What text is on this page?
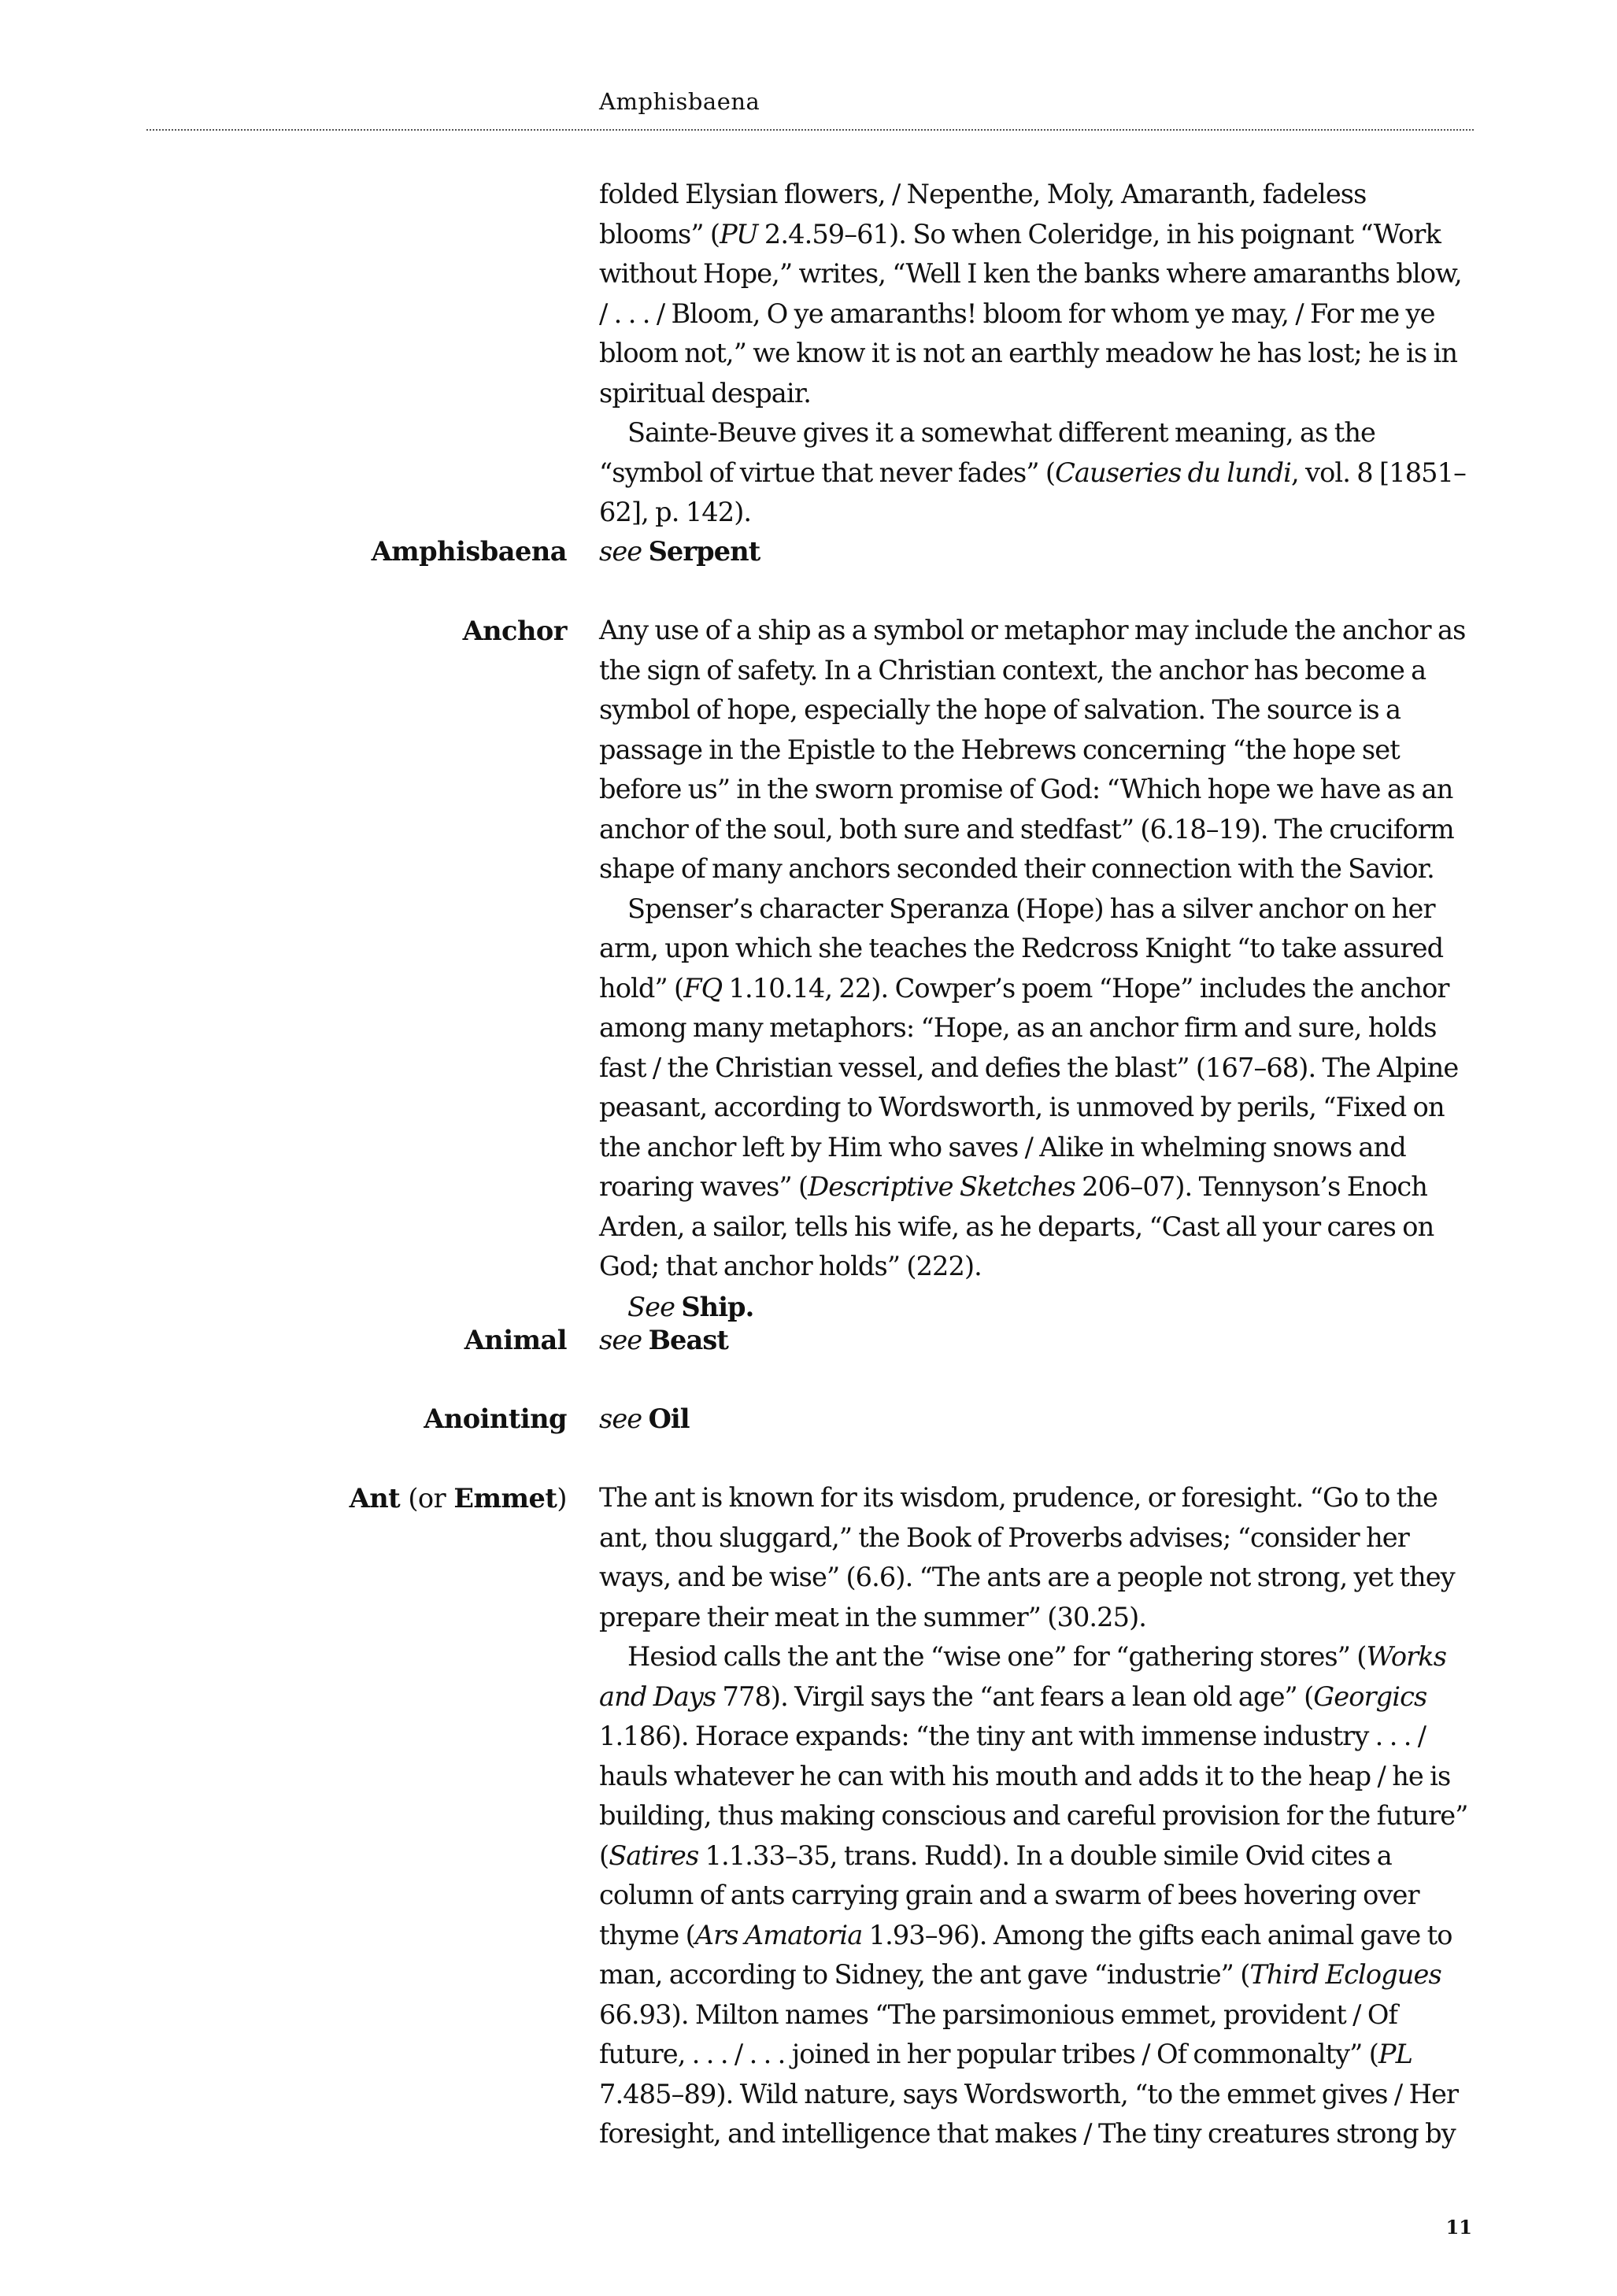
Amphisbaena

folded Elysian flowers, / Nepenthe, Moly, Amaranth, fadeless blooms” (PU 2.4.59–61). So when Coleridge, in his poignant “Work without Hope,” writes, “Well I ken the banks where amaranths blow, / . . . / Bloom, O ye amaranths! bloom for whom ye may, / For me ye bloom not,” we know it is not an earthly meadow he has lost; he is in spiritual despair.

Sainte-Beuve gives it a somewhat different meaning, as the “symbol of virtue that never fades” (Causeries du lundi, vol. 8 [1851–62], p. 142).

Amphisbaena see Serpent

Anchor Any use of a ship as a symbol or metaphor may include the anchor as the sign of safety. In a Christian context, the anchor has become a symbol of hope, especially the hope of salvation. The source is a passage in the Epistle to the Hebrews concerning “the hope set before us” in the sworn promise of God: “Which hope we have as an anchor of the soul, both sure and stedfast” (6.18–19). The cruciform shape of many anchors seconded their connection with the Savior.

Spenser’s character Speranza (Hope) has a silver anchor on her arm, upon which she teaches the Redcross Knight “to take assured hold” (FQ 1.10.14, 22). Cowper’s poem “Hope” includes the anchor among many metaphors: “Hope, as an anchor firm and sure, holds fast / the Christian vessel, and defies the blast” (167–68). The Alpine peasant, according to Wordsworth, is unmoved by perils, “Fixed on the anchor left by Him who saves / Alike in whelming snows and roaring waves” (Descriptive Sketches 206–07). Tennyson’s Enoch Arden, a sailor, tells his wife, as he departs, “Cast all your cares on God; that anchor holds” (222).

See Ship.

Animal see Beast

Anointing see Oil

Ant (or Emmet) The ant is known for its wisdom, prudence, or foresight. “Go to the ant, thou sluggard,” the Book of Proverbs advises; “consider her ways, and be wise” (6.6). “The ants are a people not strong, yet they prepare their meat in the summer” (30.25).

Hesiod calls the ant the “wise one” for “gathering stores” (Works and Days 778). Virgil says the “ant fears a lean old age” (Georgics 1.186). Horace expands: “the tiny ant with immense industry . . . / hauls whatever he can with his mouth and adds it to the heap / he is building, thus making conscious and careful provision for the future” (Satires 1.1.33–35, trans. Rudd). In a double simile Ovid cites a column of ants carrying grain and a swarm of bees hovering over thyme (Ars Amatoria 1.93–96). Among the gifts each animal gave to man, according to Sidney, the ant gave “industrie” (Third Eclogues 66.93). Milton names “The parsimonious emmet, provident / Of future, . . . / . . . joined in her popular tribes / Of commonalty” (PL 7.485–89). Wild nature, says Wordsworth, “to the emmet gives / Her foresight, and intelligence that makes / The tiny creatures strong by

11
